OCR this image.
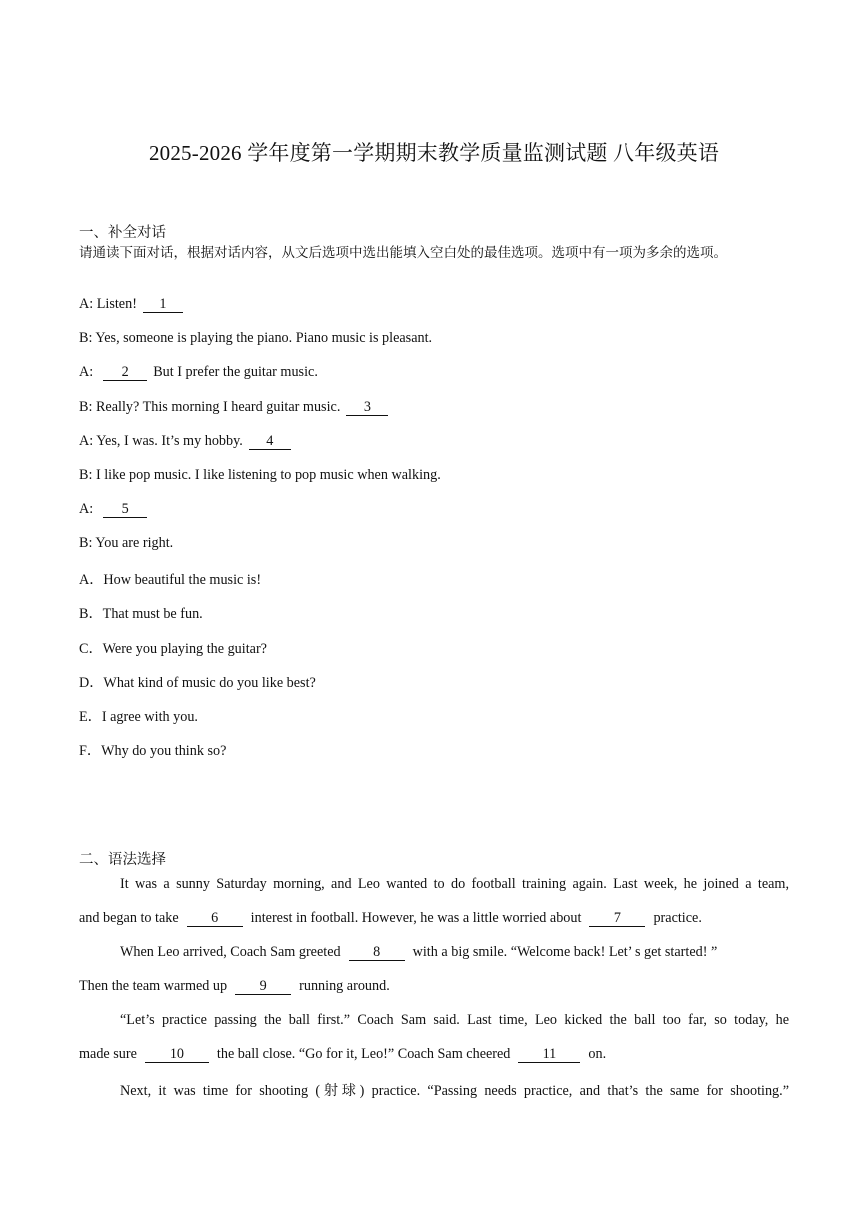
2025-2026 学年度第一学期期末教学质量监测试题 八年级英语
一、补全对话
请通读下面对话，根据对话内容，从文后选项中选出能填入空白处的最佳选项。选项中有一项为多余的选项。
A: Listen! 1
B: Yes, someone is playing the piano. Piano music is pleasant.
A: 2 But I prefer the guitar music.
B: Really? This morning I heard guitar music. 3
A: Yes, I was. It’s my hobby. 4
B: I like pop music. I like listening to pop music when walking.
A: 5
B: You are right.
A．How beautiful the music is!
B．That must be fun.
C．Were you playing the guitar?
D．What kind of music do you like best?
E．I agree with you.
F．Why do you think so?
二、语法选择
It was a sunny Saturday morning, and Leo wanted to do football training again. Last week, he joined a team,
and began to take 6 interest in football. However, he was a little worried about 7 practice.
When Leo arrived, Coach Sam greeted 8 with a big smile. “Welcome back! Let’ s get started! ”
Then the team warmed up 9 running around.
“Let’s practice passing the ball first.” Coach Sam said. Last time, Leo kicked the ball too far, so today, he
made sure 10 the ball close. “Go for it, Leo!” Coach Sam cheered 11 on.
Next, it was time for shooting (射球) practice. “Passing needs practice, and that’s the same for shooting.”
